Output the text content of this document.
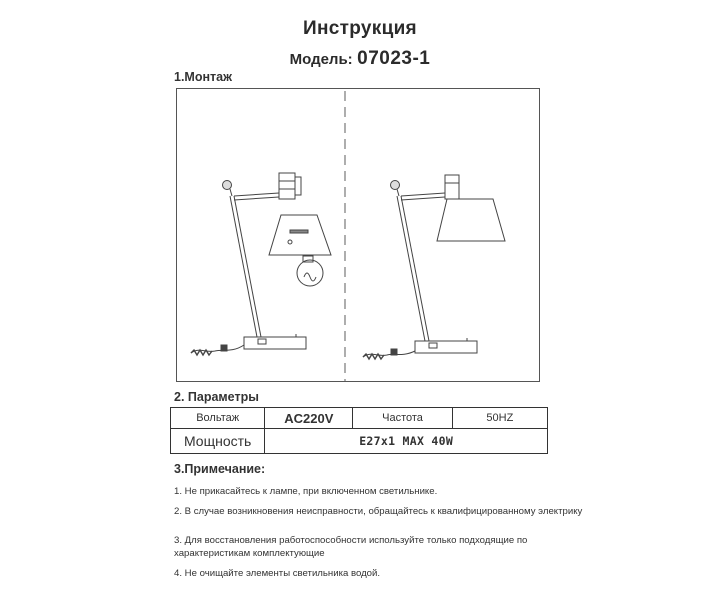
Инструкция
Модель: 07023-1
1.Монтаж
2. Параметры
Вольтаж	AC220V	Частота	50HZ
Мощность	E27x1 MAX 40W		
3.Примечание:
1. Не прикасайтесь к лампе, при включенном светильнике.
2. В случае возникновения неисправности, обращайтесь к квалифицированному электрику
3. Для восстановления работоспособности используйте только подходящие по характеристикам комплектующие
4. Не очищайте элементы светильника водой.
